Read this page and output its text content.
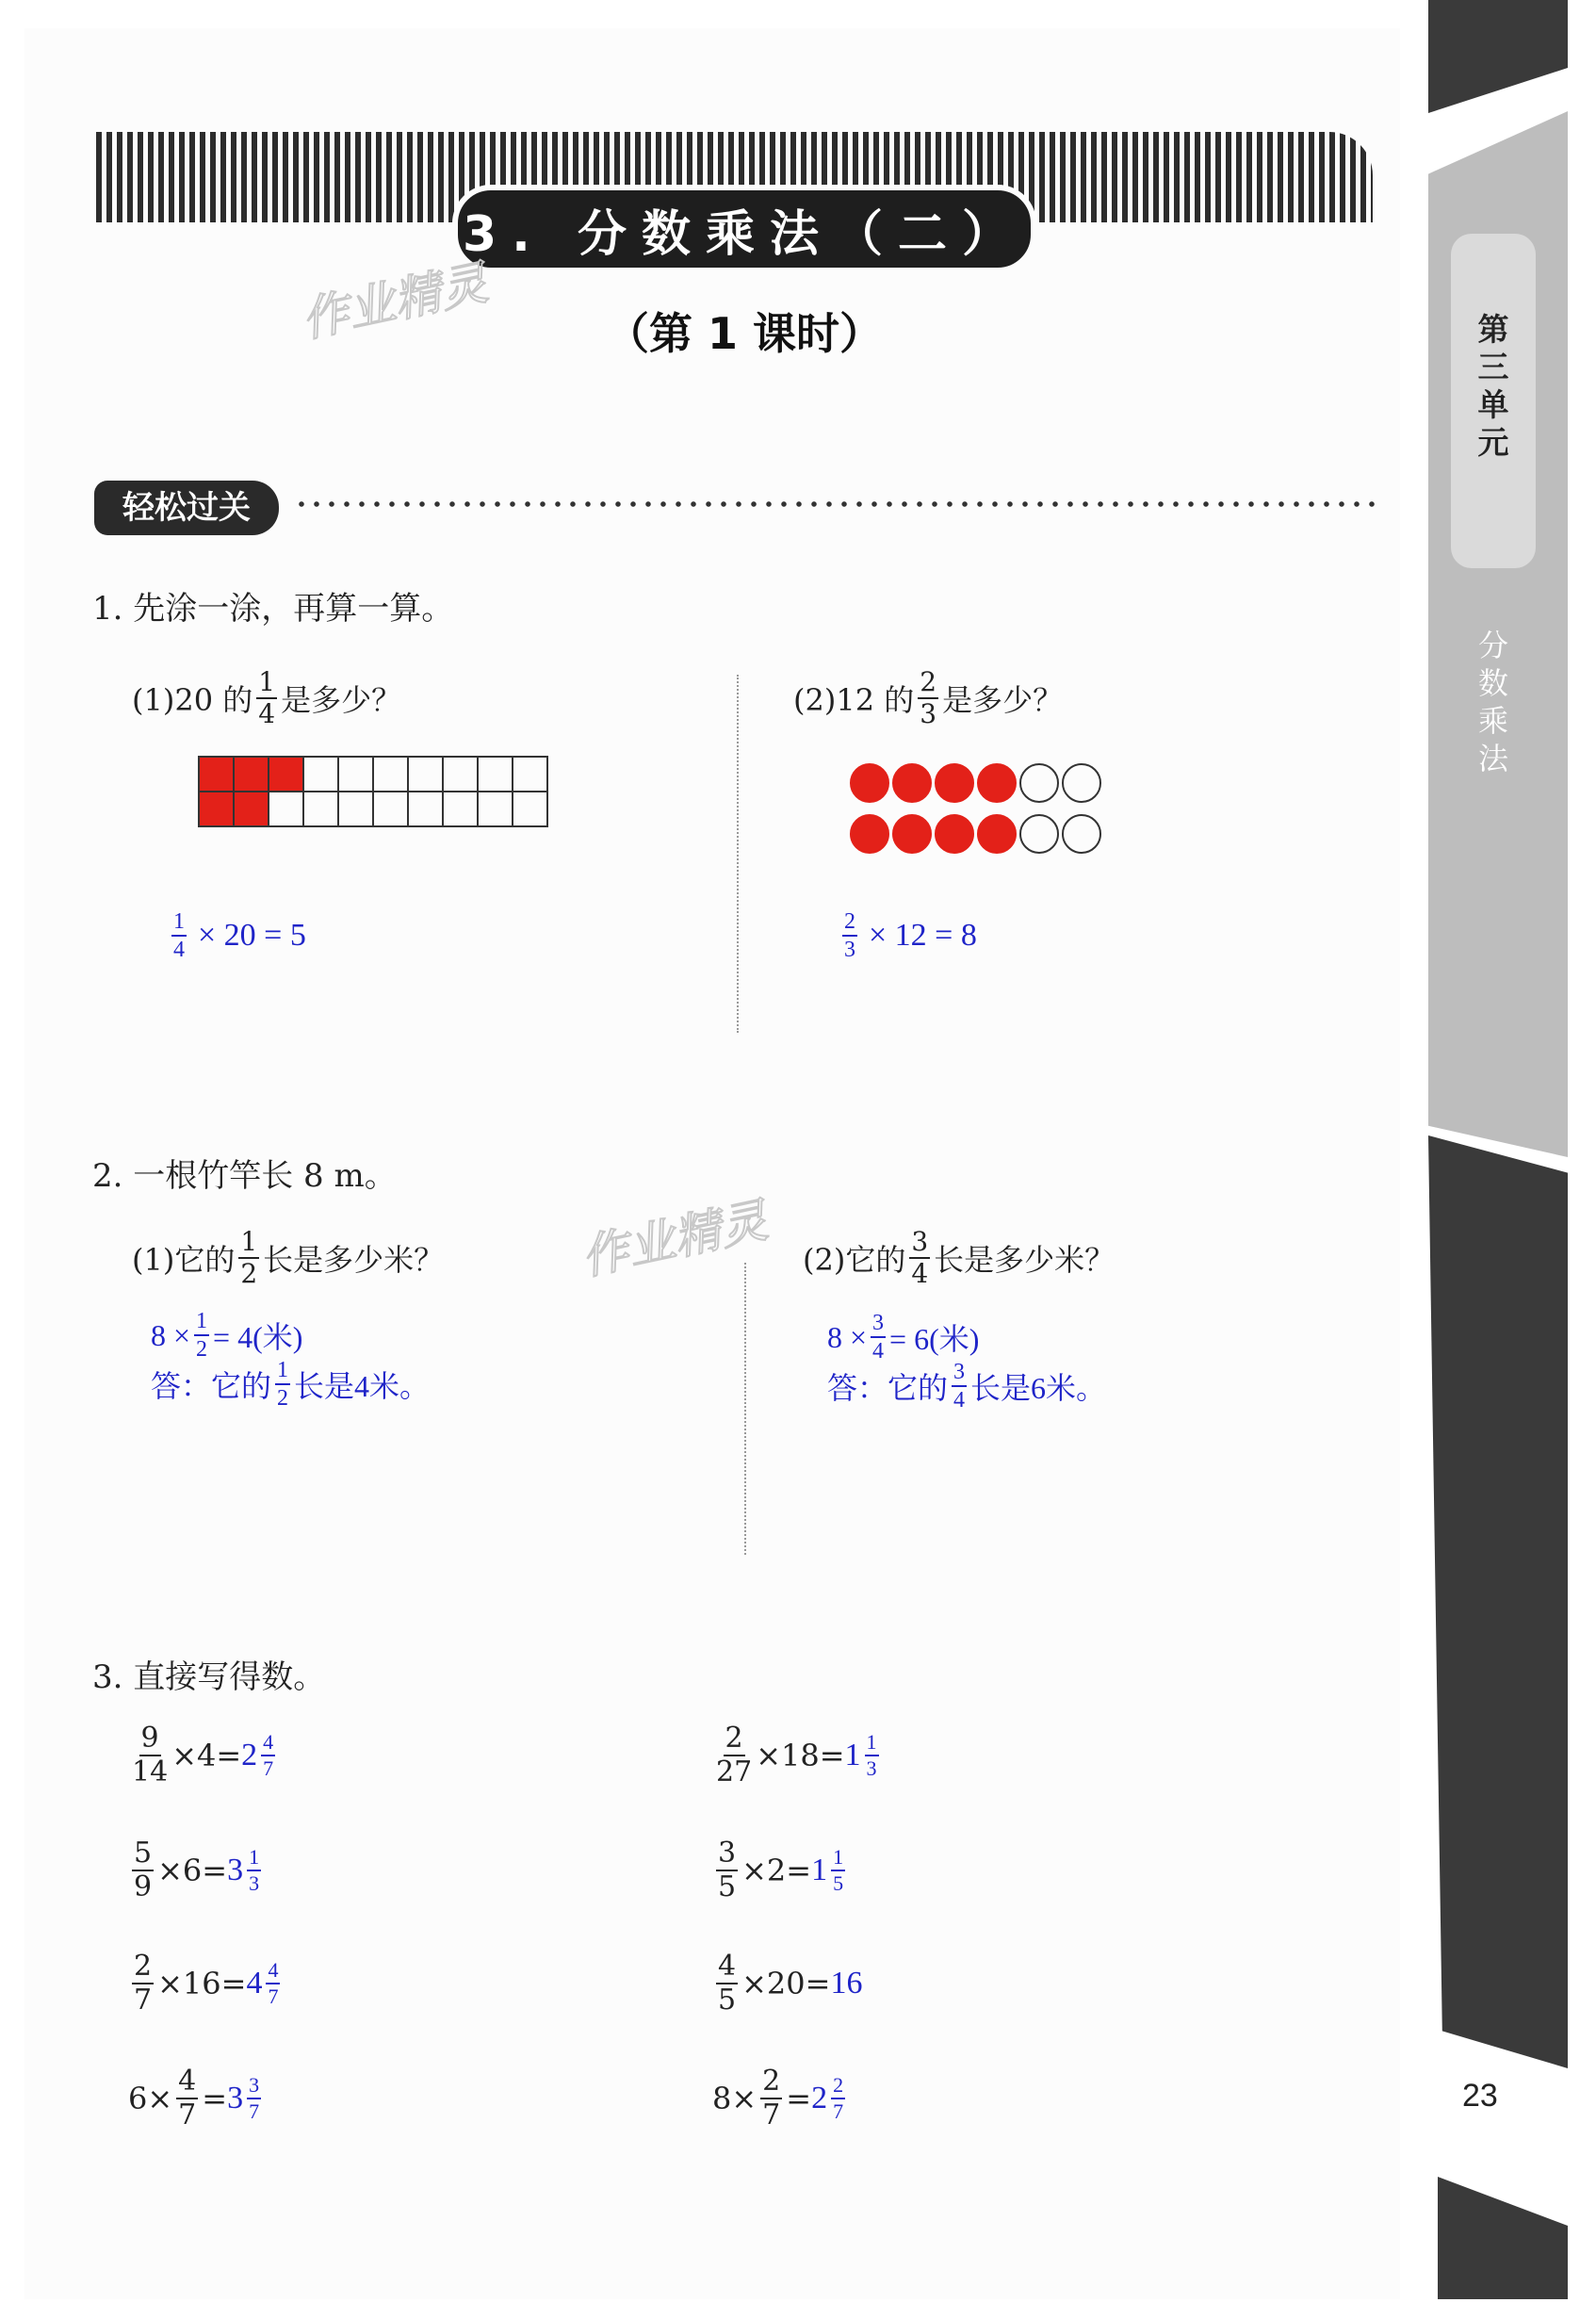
第三单元
分数乘法
23
3. 分数乘法（二）
（第 1 课时）
作业精灵
作业精灵
轻松过关
1. 先涂一涂，再算一算。
(1)20 的 $\frac{1}{4}$ 是多少？

$\frac{1}{4} \times 20 = 5$
(2)12 的 $\frac{2}{3}$ 是多少？
$\frac{2}{3} \times 12 = 8$
2. 一根竹竿长 8 m。
(1)它的 $\frac{1}{2}$ 长是多少米？
$8 \times \frac{1}{2} = 4$(米)
答：它的 $\frac{1}{2}$ 长是4米。
(2)它的 $\frac{3}{4}$ 长是多少米？
$8 \times \frac{3}{4} = 6$(米)
答：它的 $\frac{3}{4}$ 长是6米。
3. 直接写得数。
$\frac{9}{14} \times 4= 2 \frac{4}{7}$	$\frac{2}{27} \times 18= 1 \frac{1}{3}$
$\frac{5}{9} \times 6= 3 \frac{1}{3}$	$\frac{3}{5} \times 2= 1 \frac{1}{5}$
$\frac{2}{7} \times 16= 4 \frac{4}{7}$	$\frac{4}{5} \times 20= 16$
$6\times \frac{4}{7} = 3 \frac{3}{7}$	$8\times \frac{2}{7} = 2 \frac{2}{7}$
